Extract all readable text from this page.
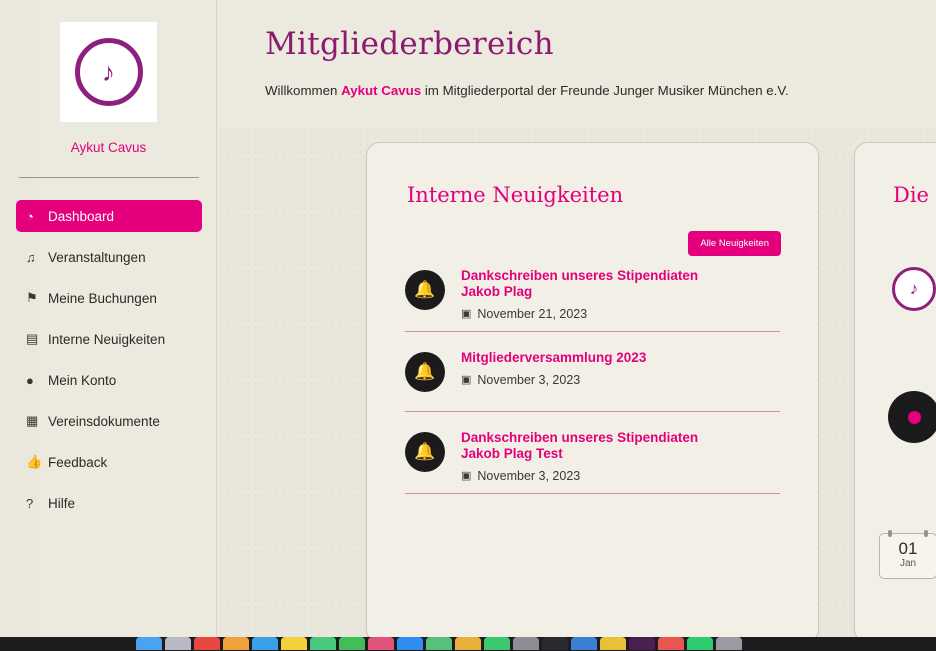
♪
Aykut Cavus
◔	Dashboard
♫ Veranstaltungen
⚑ Meine Buchungen
▤ Interne Neuigkeiten
●	Mein Konto
▦ Vereinsdokumente
👍 Feedback
?	Hilfe
Mitgliederbereich
Willkommen Aykut Cavus im Mitgliederportal der Freunde Junger Musiker München e.V.
Interne Neuigkeiten
Alle Neuigkeiten
🔔
Dankschreiben unseres Stipendiaten Jakob Plag
▣ November 21, 2023
🔔
Mitgliederversammlung 2023
▣ November 3, 2023
🔔
Dankschreiben unseres Stipendiaten Jakob Plag Test
▣ November 3, 2023
Die
♪
01
Jan
